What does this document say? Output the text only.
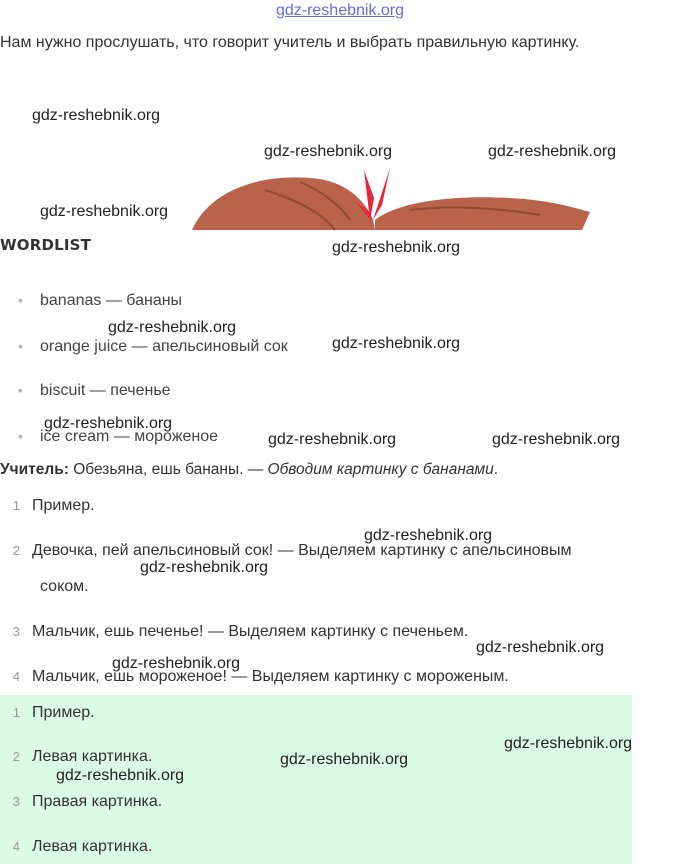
gdz-reshebnik.org
Нам нужно прослушать, что говорит учитель и выбрать правильную картинку.
WORDLIST
• bananas — бананы
• orange juice — апельсиновый сок
• biscuit — печенье
• ice cream — мороженое
Учитель: Обезьяна, ешь бананы. — Обводим картинку с бананами.
1 Пример.
2 Девочка, пей апельсиновый сок! — Выделяем картинку с апельсиновым
соком.
3 Мальчик, ешь печенье! — Выделяем картинку с печеньем.
4 Мальчик, ешь мороженое! — Выделяем картинку с мороженым.
1 Пример.
2 Левая картинка.
3 Правая картинка.
4 Левая картинка.
gdz-reshebnik.org
gdz-reshebnik.org	gdz-reshebnik.org
gdz-reshebnik.org
gdz-reshebnik.org
gdz-reshebnik.org
gdz-reshebnik.org
gdz-reshebnik.org
gdz-reshebnik.org	gdz-reshebnik.org
gdz-reshebnik.org
gdz-reshebnik.org
gdz-reshebnik.org
gdz-reshebnik.org
gdz-reshebnik.org
gdz-reshebnik.org
gdz-reshebnik.org
